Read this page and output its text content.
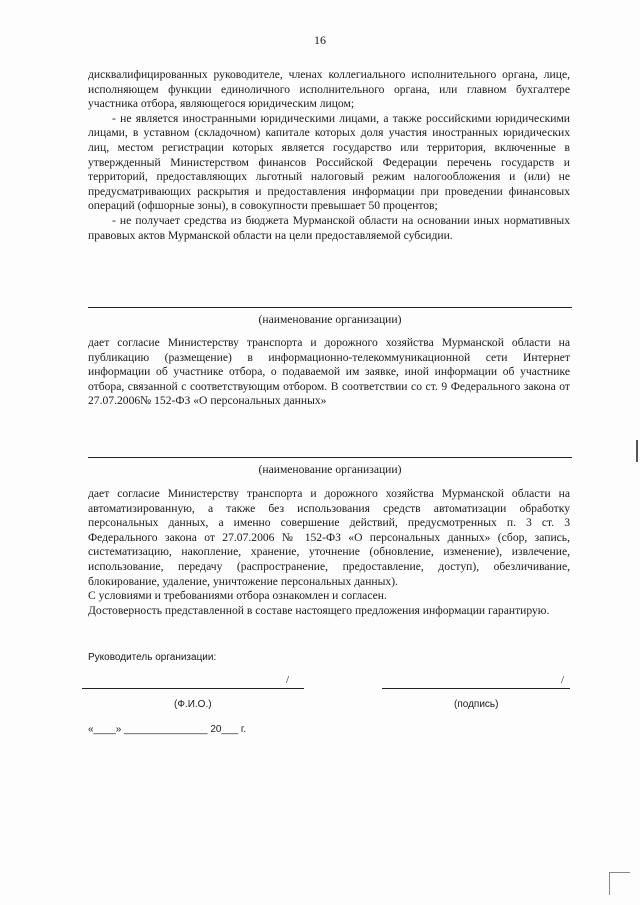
16

дисквалифицированных руководителе, членах коллегиального исполнительного органа, лице, исполняющем функции единоличного исполнительного органа, или главном бухгалтере участника отбора, являющегося юридическим лицом;

- не является иностранными юридическими лицами, а также российскими юридическими лицами, в уставном (складочном) капитале которых доля участия иностранных юридических лиц, местом регистрации которых является государство или территория, включенные в утвержденный Министерством финансов Российской Федерации перечень государств и территорий, предоставляющих льготный налоговый режим налогообложения и (или) не предусматривающих раскрытия и предоставления информации при проведении финансовых операций (офшорные зоны), в совокупности превышает 50 процентов;

- не получает средства из бюджета Мурманской области на основании иных нормативных правовых актов Мурманской области на цели предоставляемой субсидии.

(наименование организации)

дает согласие Министерству транспорта и дорожного хозяйства Мурманской области на публикацию (размещение) в информационно-телекоммуникационной сети Интернет информации об участнике отбора, о подаваемой им заявке, иной информации об участнике отбора, связанной с соответствующим отбором. В соответствии со ст. 9 Федерального закона от 27.07.2006№ 152-ФЗ «О персональных данных»

(наименование организации)

дает согласие Министерству транспорта и дорожного хозяйства Мурманской области на автоматизированную, а также без использования средств автоматизации обработку персональных данных, а именно совершение действий, предусмотренных п. 3 ст. 3 Федерального закона от 27.07.2006 № 152-ФЗ «О персональных данных» (сбор, запись, систематизацию, накопление, хранение, уточнение (обновление, изменение), извлечение, использование, передачу (распространение, предоставление, доступ), обезличивание, блокирование, удаление, уничтожение персональных данных).

С условиями и требованиями отбора ознакомлен и согласен.

Достоверность представленной в составе настоящего предложения информации гарантирую.

Руководитель организации:
/	/
(Ф.И.О.)	(подпись)
«____» _______________ 20___ г.
